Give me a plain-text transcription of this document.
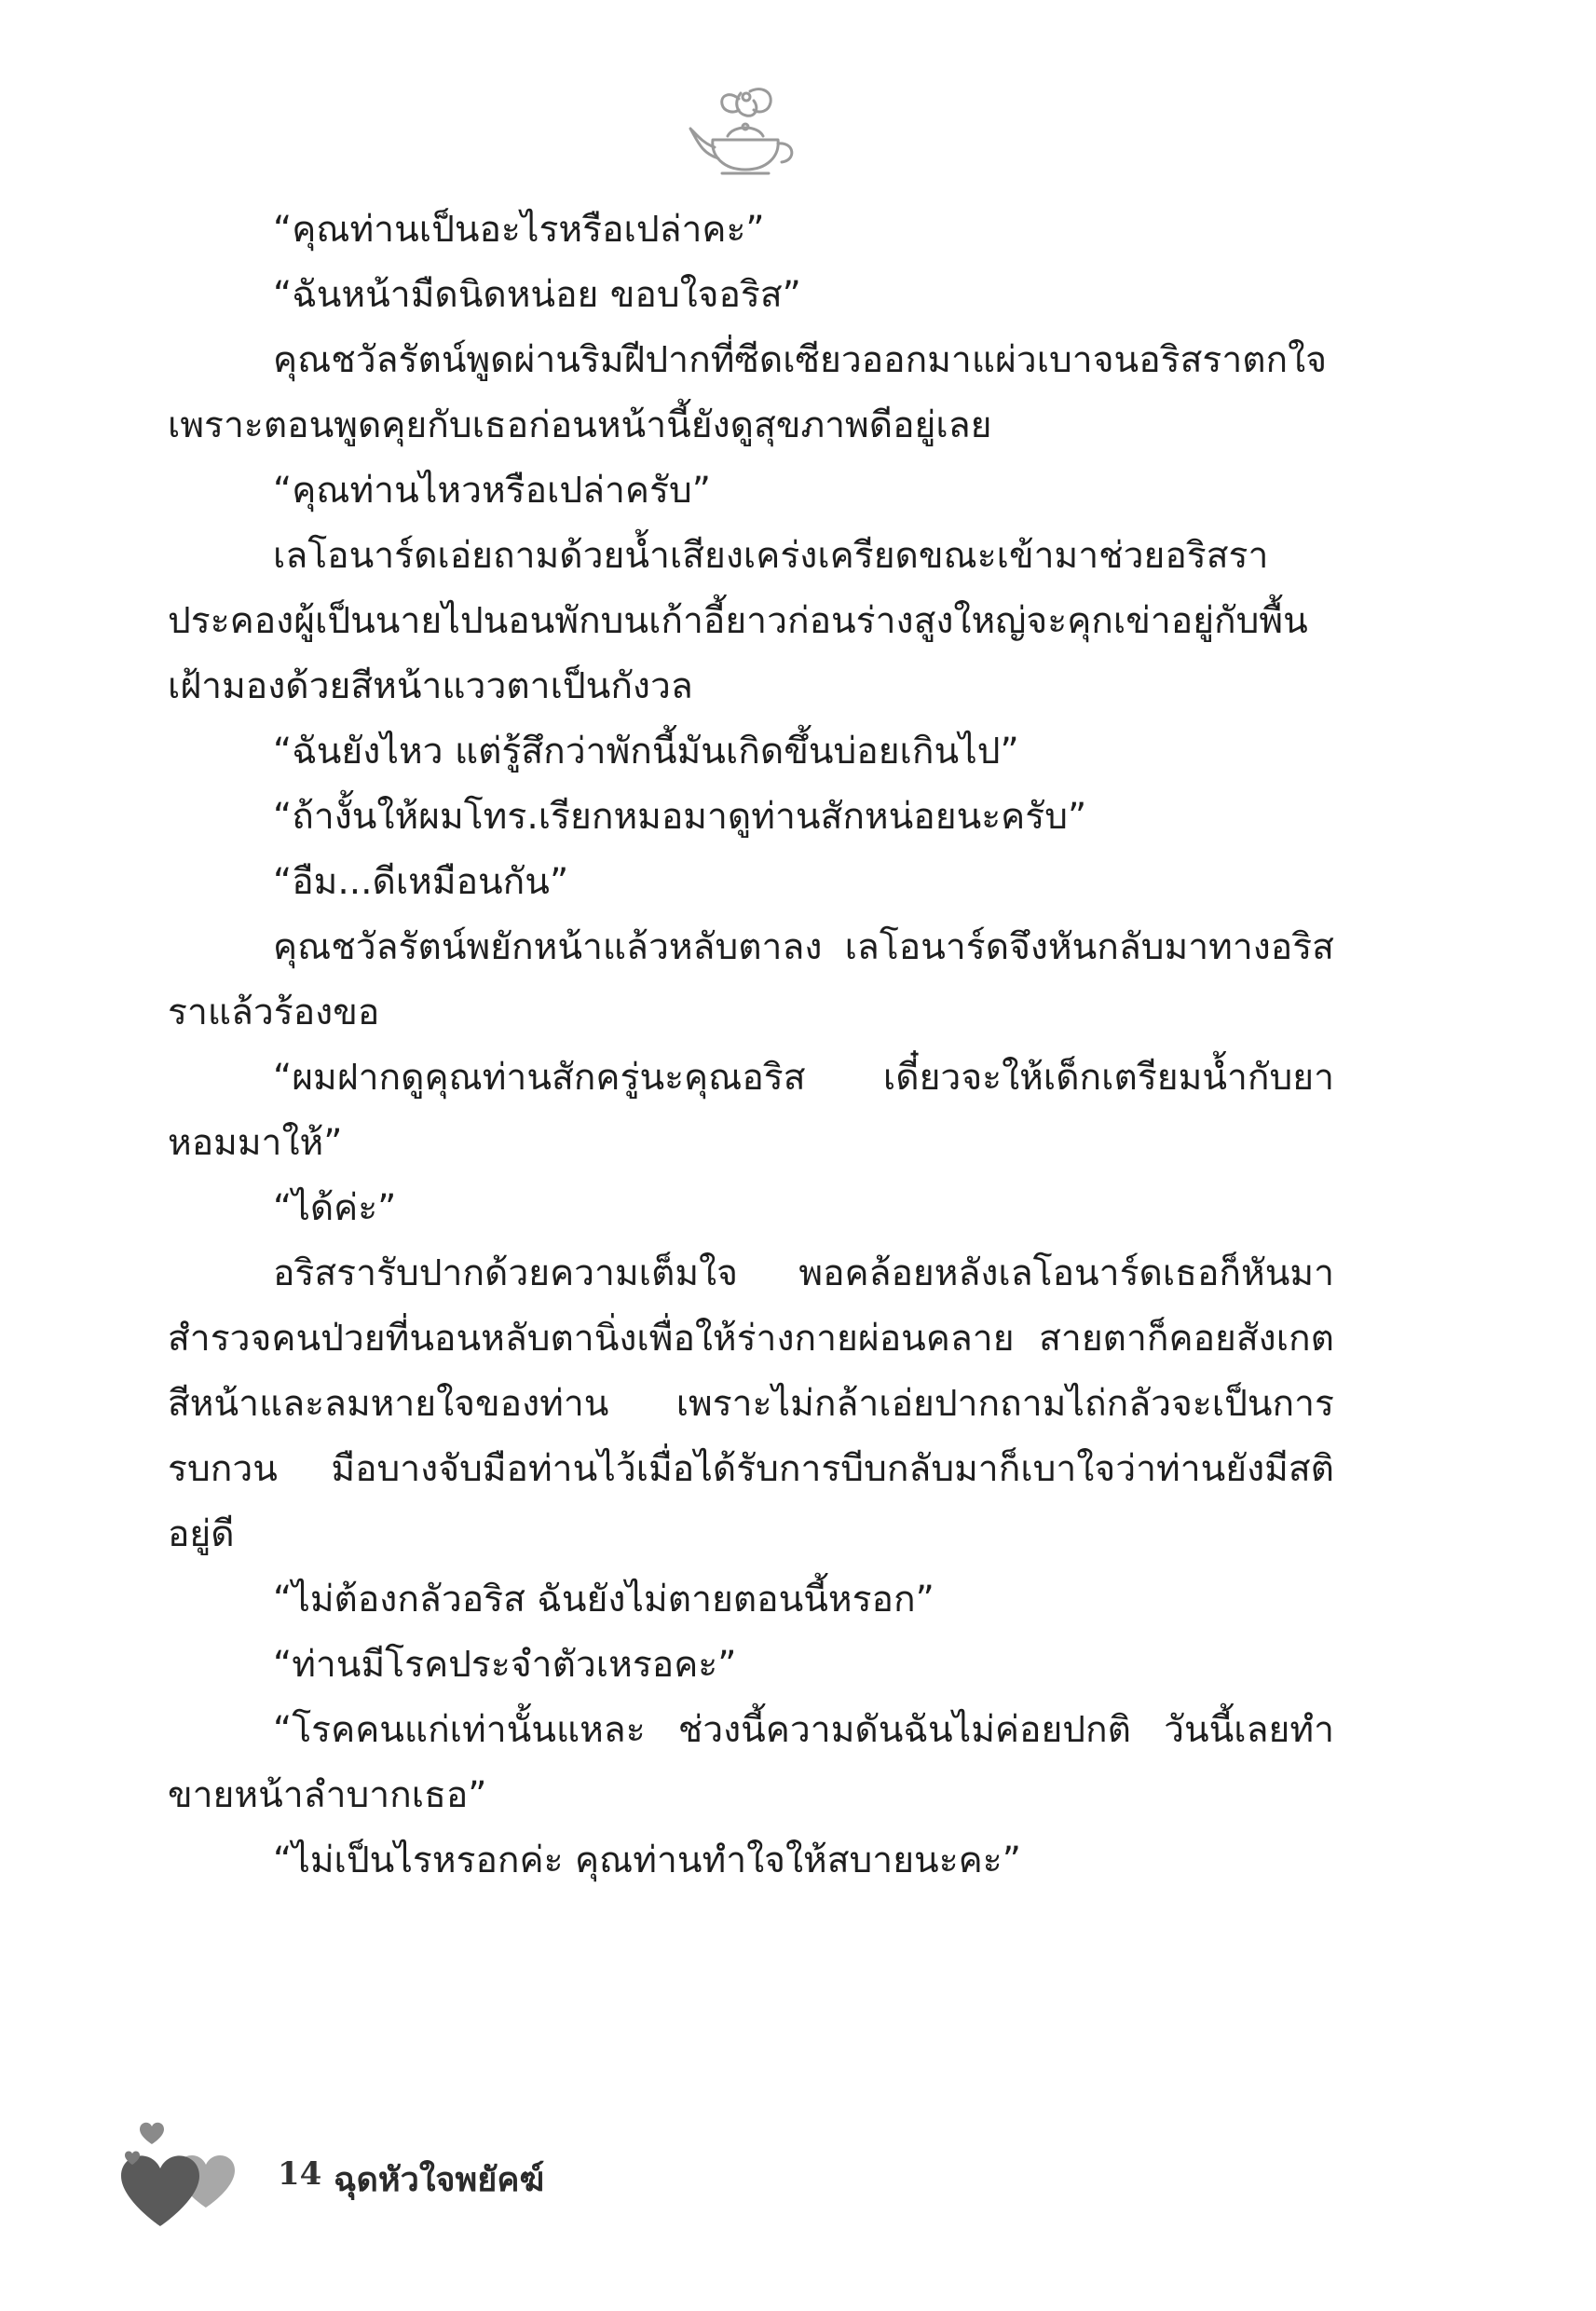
“คุณท่านเป็นอะไรหรือเปล่าคะ”

“ฉันหน้ามืดนิดหน่อย ขอบใจอริส”

คุณชวัลรัตน์พูดผ่านริมฝีปากที่ซีดเซียวออกมาแผ่วเบาจนอริสราตกใจ เพราะตอนพูดคุยกับเธอก่อนหน้านี้ยังดูสุขภาพดีอยู่เลย

“คุณท่านไหวหรือเปล่าครับ”

เลโอนาร์ดเอ่ยถามด้วยน้ำเสียงเคร่งเครียดขณะเข้ามาช่วยอริสราประคองผู้เป็นนายไปนอนพักบนเก้าอี้ยาวก่อนร่างสูงใหญ่จะคุกเข่าอยู่กับพื้นเฝ้ามองด้วยสีหน้าแววตาเป็นกังวล

“ฉันยังไหว แต่รู้สึกว่าพักนี้มันเกิดขึ้นบ่อยเกินไป”

“ถ้างั้นให้ผมโทร.เรียกหมอมาดูท่านสักหน่อยนะครับ”

“อืม...ดีเหมือนกัน”

คุณชวัลรัตน์พยักหน้าแล้วหลับตาลง เลโอนาร์ดจึงหันกลับมาทางอริสราแล้วร้องขอ

“ผมฝากดูคุณท่านสักครู่นะคุณอริส เดี๋ยวจะให้เด็กเตรียมน้ำกับยาหอมมาให้”

“ได้ค่ะ”

อริสรารับปากด้วยความเต็มใจ พอคล้อยหลังเลโอนาร์ดเธอก็หันมาสำรวจคนป่วยที่นอนหลับตานิ่งเพื่อให้ร่างกายผ่อนคลาย สายตาก็คอยสังเกตสีหน้าและลมหายใจของท่าน เพราะไม่กล้าเอ่ยปากถามไถ่กลัวจะเป็นการรบกวน มือบางจับมือท่านไว้เมื่อได้รับการบีบกลับมาก็เบาใจว่าท่านยังมีสติอยู่ดี

“ไม่ต้องกลัวอริส ฉันยังไม่ตายตอนนี้หรอก”

“ท่านมีโรคประจำตัวเหรอคะ”

“โรคคนแก่เท่านั้นแหละ ช่วงนี้ความดันฉันไม่ค่อยปกติ วันนี้เลยทำขายหน้าลำบากเธอ”

“ไม่เป็นไรหรอกค่ะ คุณท่านทำใจให้สบายนะคะ”

14 ฉุดหัวใจพยัคฆ์
